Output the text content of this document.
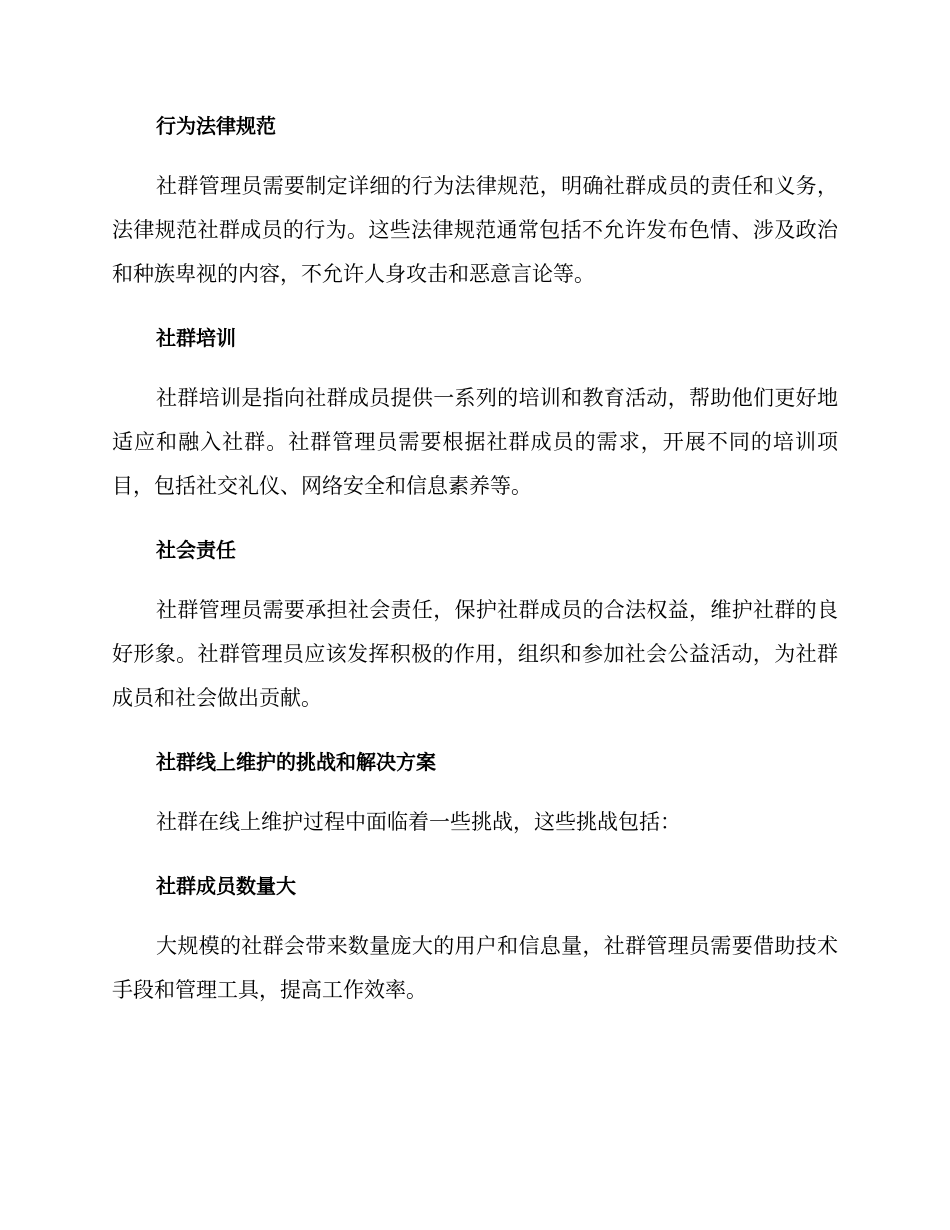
行为法律规范

社群管理员需要制定详细的行为法律规范，明确社群成员的责任和义务，法律规范社群成员的行为。这些法律规范通常包括不允许发布色情、涉及政治和种族卑视的内容，不允许人身攻击和恶意言论等。

社群培训

社群培训是指向社群成员提供一系列的培训和教育活动，帮助他们更好地适应和融入社群。社群管理员需要根据社群成员的需求，开展不同的培训项目，包括社交礼仪、网络安全和信息素养等。

社会责任

社群管理员需要承担社会责任，保护社群成员的合法权益，维护社群的良好形象。社群管理员应该发挥积极的作用，组织和参加社会公益活动，为社群成员和社会做出贡献。

社群线上维护的挑战和解决方案

社群在线上维护过程中面临着一些挑战，这些挑战包括：

社群成员数量大

大规模的社群会带来数量庞大的用户和信息量，社群管理员需要借助技术手段和管理工具，提高工作效率。
